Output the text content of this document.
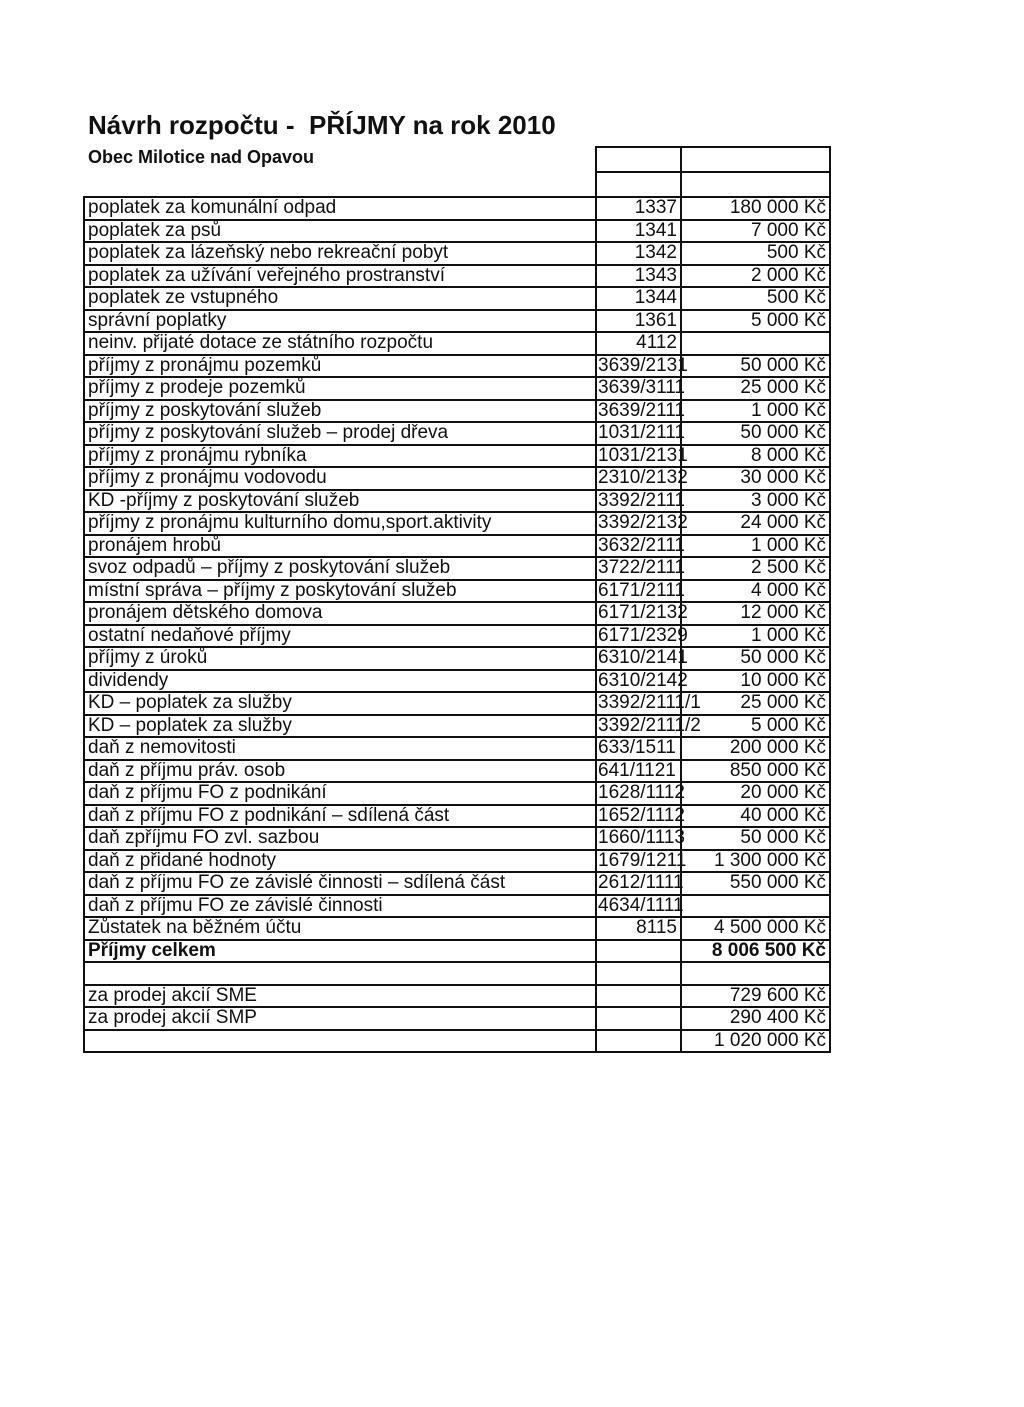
Návrh rozpočtu -  PŘÍJMY na rok 2010
Obec Milotice nad Opavou

poplatek za komunální odpad	1337	180 000 Kč
poplatek za psů	1341	7 000 Kč
poplatek za lázeňský nebo rekreační pobyt	1342	500 Kč
poplatek za užívání veřejného prostranství	1343	2 000 Kč
poplatek ze vstupného	1344	500 Kč
správní poplatky	1361	5 000 Kč
neinv. přijaté dotace ze státního rozpočtu	4112	
příjmy z pronájmu pozemků	3639/2131	50 000 Kč
příjmy z prodeje pozemků	3639/3111	25 000 Kč
příjmy z poskytování služeb	3639/2111	1 000 Kč
příjmy z poskytování služeb – prodej dřeva	1031/2111	50 000 Kč
příjmy z pronájmu rybníka	1031/2131	8 000 Kč
příjmy z pronájmu vodovodu	2310/2132	30 000 Kč
KD -příjmy z poskytování služeb	3392/2111	3 000 Kč
příjmy z pronájmu kulturního domu,sport.aktivity	3392/2132	24 000 Kč
pronájem hrobů	3632/2111	1 000 Kč
svoz odpadů – příjmy z poskytování služeb	3722/2111	2 500 Kč
místní správa – příjmy z poskytování služeb	6171/2111	4 000 Kč
pronájem dětského domova	6171/2132	12 000 Kč
ostatní nedaňové příjmy	6171/2329	1 000 Kč
příjmy z úroků	6310/2141	50 000 Kč
dividendy	6310/2142	10 000 Kč
KD – poplatek za služby	3392/2111/1	25 000 Kč
KD – poplatek za služby	3392/2111/2	5 000 Kč
daň z nemovitosti	633/1511	200 000 Kč
daň z příjmu práv. osob	641/1121	850 000 Kč
daň z příjmu FO z podnikání	1628/1112	20 000 Kč
daň z příjmu FO z podnikání – sdílená část	1652/1112	40 000 Kč
daň zpříjmu FO zvl. sazbou	1660/1113	50 000 Kč
daň z přidané hodnoty	1679/1211	1 300 000 Kč
daň z příjmu FO ze závislé činnosti – sdílená část	2612/1111	550 000 Kč
daň z příjmu FO ze závislé činnosti	4634/1111	
Zůstatek na běžném účtu	8115	4 500 000 Kč
Příjmy celkem		8 006 500 Kč

za prodej akcií SME		729 600 Kč
za prodej akcií SMP		290 400 Kč
		1 020 000 Kč
